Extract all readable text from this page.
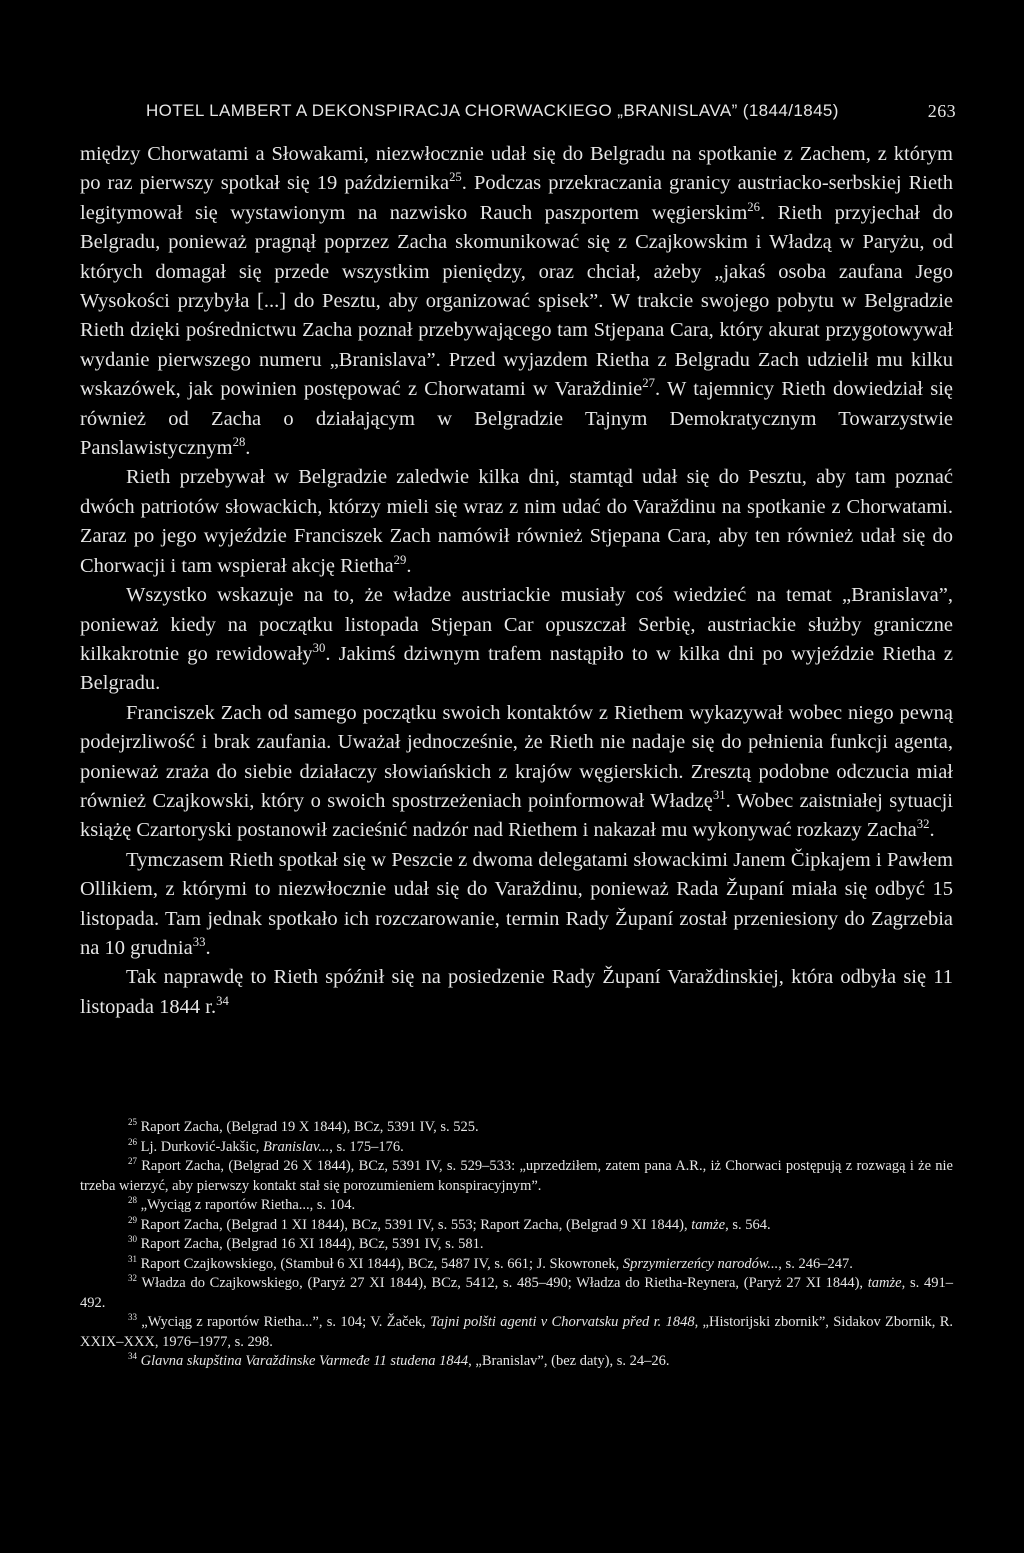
HOTEL LAMBERT A DEKONSPIRACJA CHORWACKIEGO „BRANISLAVA” (1844/1845)	263

między Chorwatami a Słowakami, niezwłocznie udał się do Belgradu na spotkanie z Zachem, z którym po raz pierwszy spotkał się 19 października$^{25}$. Podczas przekraczania granicy austriacko-serbskiej Rieth legitymował się wystawionym na nazwisko Rauch paszportem węgierskim$^{26}$. Rieth przyjechał do Belgradu, ponieważ pragnął poprzez Zacha skomunikować się z Czajkowskim i Władzą w Paryżu, od których domagał się przede wszystkim pieniędzy, oraz chciał, ażeby „jakaś osoba zaufana Jego Wysokości przybyła [...] do Pesztu, aby organizować spisek”. W trakcie swojego pobytu w Belgradzie Rieth dzięki pośrednictwu Zacha poznał przebywającego tam Stjepana Cara, który akurat przygotowywał wydanie pierwszego numeru „Branislava”. Przed wyjazdem Rietha z Belgradu Zach udzielił mu kilku wskazówek, jak powinien postępować z Chorwatami w Varaždinie$^{27}$. W tajemnicy Rieth dowiedział się również od Zacha o działającym w Belgradzie Tajnym Demokratycznym Towarzystwie Panslawistycznym$^{28}$.

Rieth przebywał w Belgradzie zaledwie kilka dni, stamtąd udał się do Pesztu, aby tam poznać dwóch patriotów słowackich, którzy mieli się wraz z nim udać do Varaždinu na spotkanie z Chorwatami. Zaraz po jego wyjeździe Franciszek Zach namówił również Stjepana Cara, aby ten również udał się do Chorwacji i tam wspierał akcję Rietha$^{29}$.

Wszystko wskazuje na to, że władze austriackie musiały coś wiedzieć na temat „Branislava”, ponieważ kiedy na początku listopada Stjepan Car opuszczał Serbię, austriackie służby graniczne kilkakrotnie go rewidowały$^{30}$. Jakimś dziwnym trafem nastąpiło to w kilka dni po wyjeździe Rietha z Belgradu.

Franciszek Zach od samego początku swoich kontaktów z Riethem wykazywał wobec niego pewną podejrzliwość i brak zaufania. Uważał jednocześnie, że Rieth nie nadaje się do pełnienia funkcji agenta, ponieważ zraża do siebie działaczy słowiańskich z krajów węgierskich. Zresztą podobne odczucia miał również Czajkowski, który o swoich spostrzeżeniach poinformował Władzę$^{31}$. Wobec zaistniałej sytuacji książę Czartoryski postanowił zacieśnić nadzór nad Riethem i nakazał mu wykonywać rozkazy Zacha$^{32}$.

Tymczasem Rieth spotkał się w Peszcie z dwoma delegatami słowackimi Janem Čipkajem i Pawłem Ollikiem, z którymi to niezwłocznie udał się do Varaždinu, ponieważ Rada Županí miała się odbyć 15 listopada. Tam jednak spotkało ich rozczarowanie, termin Rady Županí został przeniesiony do Zagrzebia na 10 grudnia$^{33}$.

Tak naprawdę to Rieth spóźnił się na posiedzenie Rady Županí Varaždinskiej, która odbyła się 11 listopada 1844 r.$^{34}$

$^{25}$ Raport Zacha, (Belgrad 19 X 1844), BCz, 5391 IV, s. 525.

$^{26}$ Lj. Durković-Jakšic, Branislav..., s. 175–176.

$^{27}$ Raport Zacha, (Belgrad 26 X 1844), BCz, 5391 IV, s. 529–533: „uprzedziłem, zatem pana A.R., iż Chorwaci postępują z rozwagą i że nie trzeba wierzyć, aby pierwszy kontakt stał się porozumieniem konspiracyjnym”.

$^{28}$ „Wyciąg z raportów Rietha..., s. 104.

$^{29}$ Raport Zacha, (Belgrad 1 XI 1844), BCz, 5391 IV, s. 553; Raport Zacha, (Belgrad 9 XI 1844), tamże, s. 564.

$^{30}$ Raport Zacha, (Belgrad 16 XI 1844), BCz, 5391 IV, s. 581.

$^{31}$ Raport Czajkowskiego, (Stambuł 6 XI 1844), BCz, 5487 IV, s. 661; J. Skowronek, Sprzymierzeńcy narodów..., s. 246–247.

$^{32}$ Władza do Czajkowskiego, (Paryż 27 XI 1844), BCz, 5412, s. 485–490; Władza do Rietha-Reynera, (Paryż 27 XI 1844), tamże, s. 491–492.

$^{33}$ „Wyciąg z raportów Rietha...”, s. 104; V. Žaček, Tajni polšti agenti v Chorvatsku před r. 1848, „Historijski zbornik”, Sidakov Zbornik, R. XXIX–XXX, 1976–1977, s. 298.

$^{34}$ Glavna skupština Varaždinske Varmeđe 11 studena 1844, „Branislav”, (bez daty), s. 24–26.
